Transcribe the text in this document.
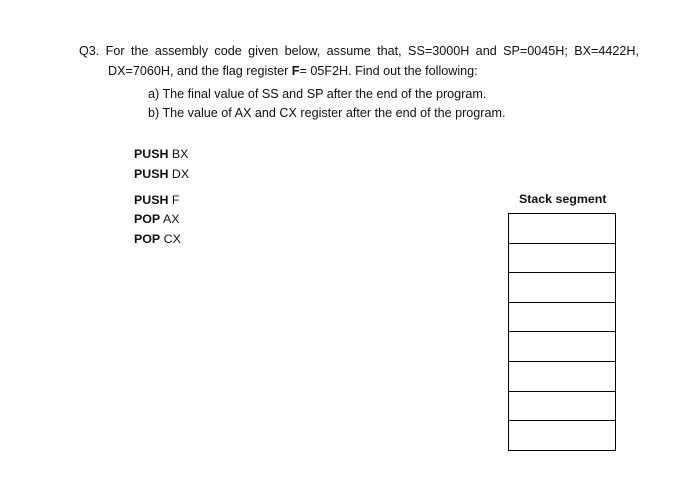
Q3. For the assembly code given below, assume that, SS=3000H and SP=0045H; BX=4422H,
DX=7060H, and the flag register F= 05F2H. Find out the following:
a) The final value of SS and SP after the end of the program.
b) The value of AX and CX register after the end of the program.
PUSH BX
PUSH DX
PUSH F
POP AX
POP CX
Stack segment
